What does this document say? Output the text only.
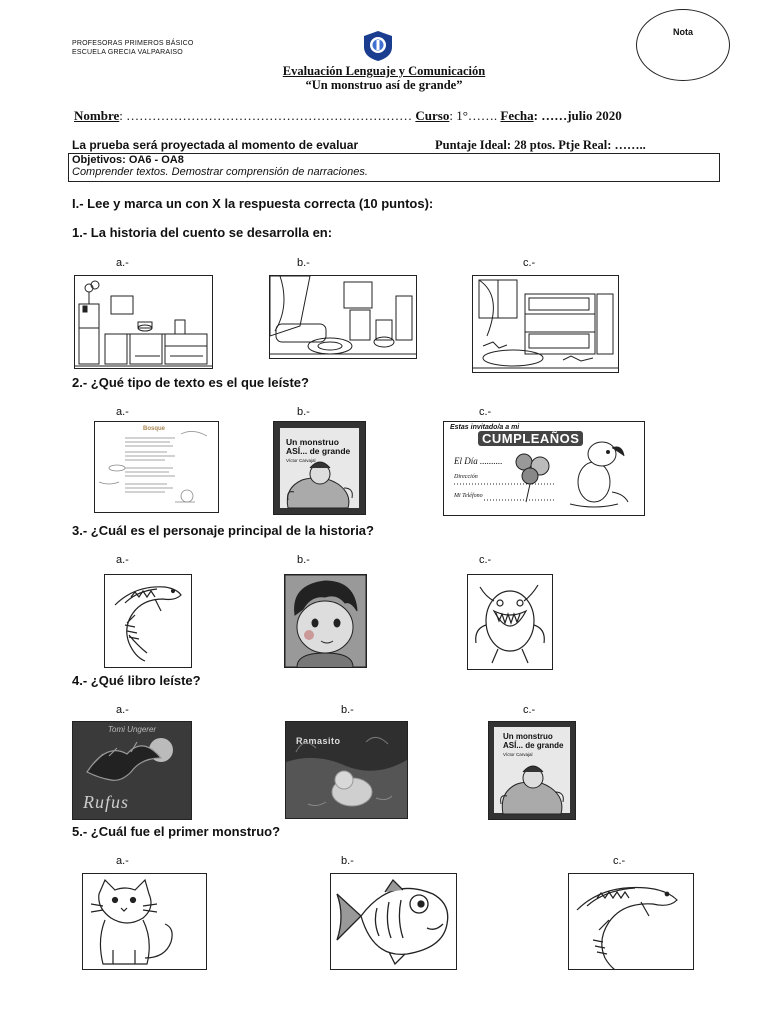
PROFESORAS PRIMEROS BÁSICO
ESCUELA GRECIA VALPARAISO
Nota
Evaluación Lenguaje y Comunicación
“Un monstruo así de grande”
Nombre: ………………………………………………………… Curso: 1°……. Fecha: ……julio 2020
La prueba será proyectada al momento de evaluar	Puntaje Ideal: 28 ptos. Ptje Real: ……..
Objetivos: OA6 - OA8
Comprender textos. Demostrar comprensión de narraciones.
I.- Lee y marca un con X la respuesta correcta (10 puntos):
1.- La historia del cuento se desarrolla en:
a.-	b.-	c.-
2.- ¿Qué tipo de texto es el que leíste?
a.-	b.-	c.-
Bosque
Un monstruo ASÍ... de grande
Víctor Carvajal
Estas invitado/a a mi
CUMPLEAÑOS
El Día ..........
Dirección
Mi Teléfono
3.- ¿Cuál es el personaje principal de la historia?
a.-	b.-	c.-
4.- ¿Qué libro leíste?
a.-	b.-	c.-
Tomi Ungerer
Rufus
Ramasito	Un monstruo ASÍ... de grande
Víctor Carvajal
5.- ¿Cuál fue el primer monstruo?
a.-	b.-	c.-
